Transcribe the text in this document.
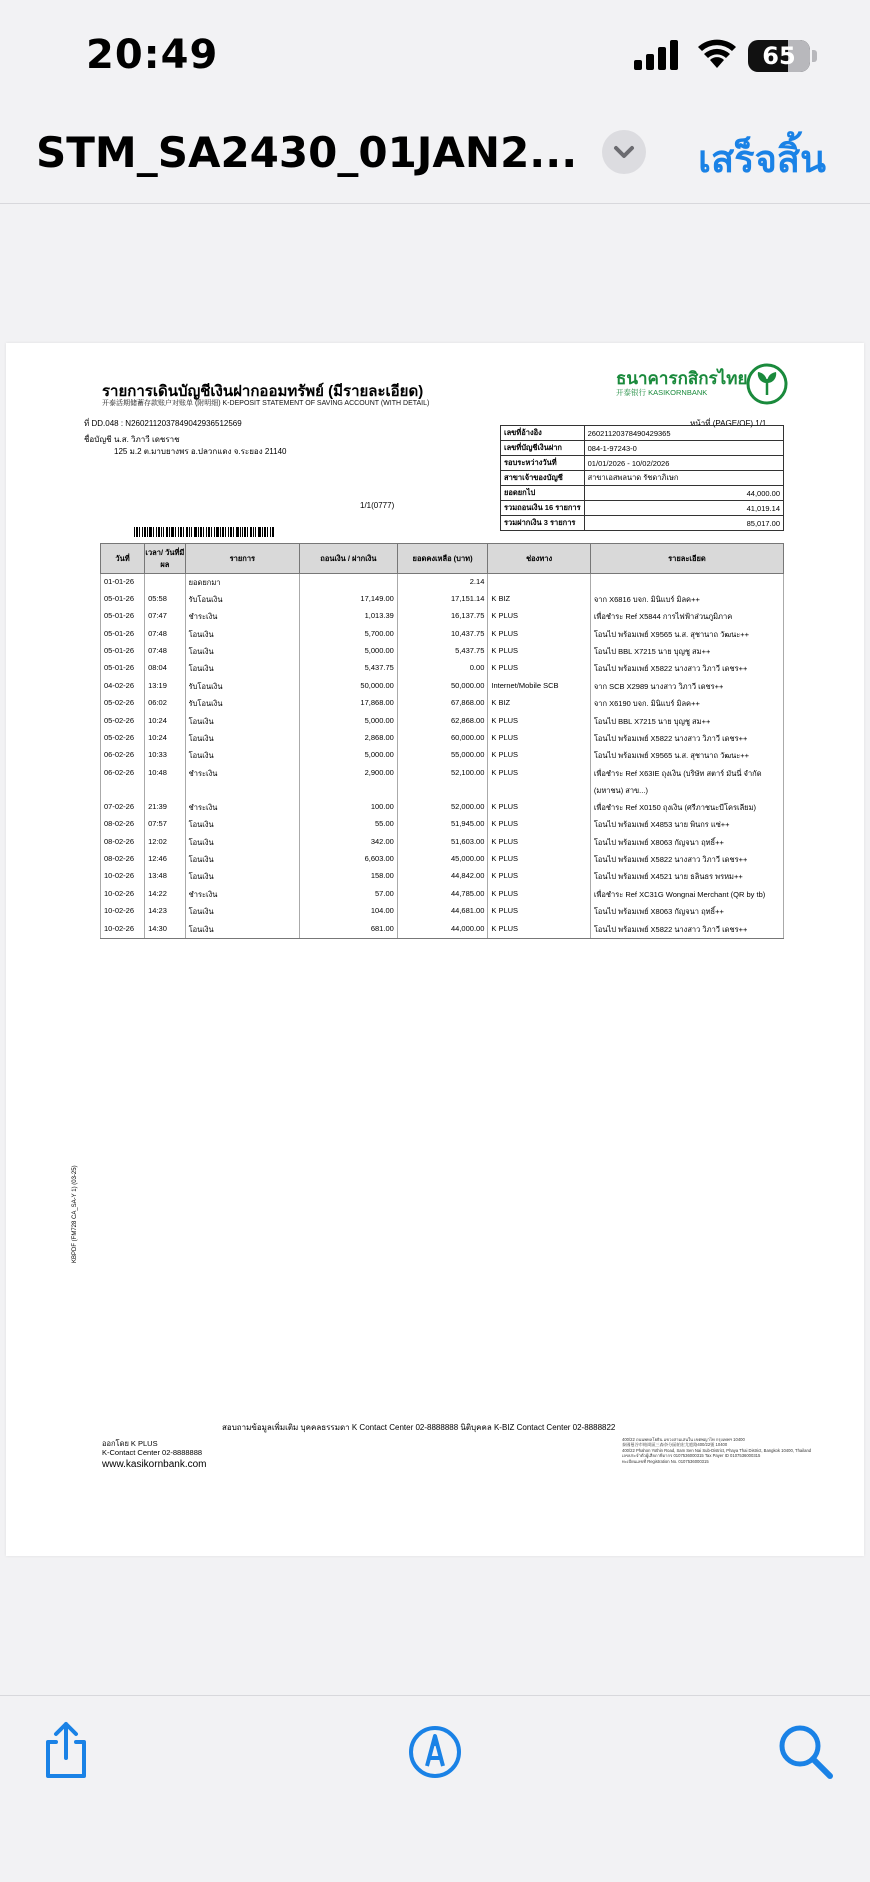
20:49	65
STM_SA2430_01JAN2...	เสร็จสิ้น
รายการเดินบัญชีเงินฝากออมทรัพย์ (มีรายละเอียด)
开泰活期储蓄存款账户对账单 (附明细) K-DEPOSIT STATEMENT OF SAVING ACCOUNT (WITH DETAIL)
ธนาคารกสิกรไทย
开泰银行 KASIKORNBANK
หน้าที่ (PAGE/OF) 1/1
ที่ DD.048 : N2602112037849042936512569
ชื่อบัญชี น.ส. วิภาวี เดชราช
125 ม.2 ต.มาบยางพร อ.ปลวกแดง จ.ระยอง 21140
1/1(0777)
เลขที่อ้างอิง	26021120378490429365
เลขที่บัญชีเงินฝาก	084-1-97243-0
รอบระหว่างวันที่	01/01/2026 - 10/02/2026
สาขาเจ้าของบัญชี	สาขาเอสพลนาด รัชดาภิเษก
ยอดยกไป	44,000.00
รวมถอนเงิน 16 รายการ	41,019.14
รวมฝากเงิน 3 รายการ	85,017.00
วันที่	เวลา/ วันที่มีผล	รายการ	ถอนเงิน / ฝากเงิน	ยอดคงเหลือ (บาท)	ช่องทาง	รายละเอียด
01-01-26		ยอดยกมา		2.14		
05-01-26	05:58	รับโอนเงิน	17,149.00	17,151.14	K BIZ	จาก X6816 บจก. มินิแบร์ มิลค++
05-01-26	07:47	ชำระเงิน	1,013.39	16,137.75	K PLUS	เพื่อชำระ Ref X5844 การไฟฟ้าส่วนภูมิภาค
05-01-26	07:48	โอนเงิน	5,700.00	10,437.75	K PLUS	โอนไป พร้อมเพย์ X9565 น.ส. สุชานาถ วัฒนะ++
05-01-26	07:48	โอนเงิน	5,000.00	5,437.75	K PLUS	โอนไป BBL X7215 นาย บุญชู สม++
05-01-26	08:04	โอนเงิน	5,437.75	0.00	K PLUS	โอนไป พร้อมเพย์ X5822 นางสาว วิภาวี เดชร++
04-02-26	13:19	รับโอนเงิน	50,000.00	50,000.00	Internet/Mobile SCB	จาก SCB X2989 นางสาว วิภาวี เดชร++
05-02-26	06:02	รับโอนเงิน	17,868.00	67,868.00	K BIZ	จาก X6190 บจก. มินิแบร์ มิลค++
05-02-26	10:24	โอนเงิน	5,000.00	62,868.00	K PLUS	โอนไป BBL X7215 นาย บุญชู สม++
05-02-26	10:24	โอนเงิน	2,868.00	60,000.00	K PLUS	โอนไป พร้อมเพย์ X5822 นางสาว วิภาวี เดชร++
06-02-26	10:33	โอนเงิน	5,000.00	55,000.00	K PLUS	โอนไป พร้อมเพย์ X9565 น.ส. สุชานาถ วัฒนะ++
06-02-26	10:48	ชำระเงิน	2,900.00	52,100.00	K PLUS	เพื่อชำระ Ref X63IE ถุงเงิน (บริษัท สตาร์ มันนี่ จำกัด (มหาชน) สาข...)
07-02-26	21:39	ชำระเงิน	100.00	52,000.00	K PLUS	เพื่อชำระ Ref X0150 ถุงเงิน (ศรีภาชนะบีโครเลียม)
08-02-26	07:57	โอนเงิน	55.00	51,945.00	K PLUS	โอนไป พร้อมเพย์ X4853 นาย พินกร แซ่++
08-02-26	12:02	โอนเงิน	342.00	51,603.00	K PLUS	โอนไป พร้อมเพย์ X8063 กัญจนา ฤทธิ์++
08-02-26	12:46	โอนเงิน	6,603.00	45,000.00	K PLUS	โอนไป พร้อมเพย์ X5822 นางสาว วิภาวี เดชร++
10-02-26	13:48	โอนเงิน	158.00	44,842.00	K PLUS	โอนไป พร้อมเพย์ X4521 นาย ธลินธร พรหม++
10-02-26	14:22	ชำระเงิน	57.00	44,785.00	K PLUS	เพื่อชำระ Ref XC31G Wongnai Merchant (QR by tb)
10-02-26	14:23	โอนเงิน	104.00	44,681.00	K PLUS	โอนไป พร้อมเพย์ X8063 กัญจนา ฤทธิ์++
10-02-26	14:30	โอนเงิน	681.00	44,000.00	K PLUS	โอนไป พร้อมเพย์ X5822 นางสาว วิภาวี เดชร++
KBPDF (FM728 CA_SA-Y 1) (03-25)
สอบถามข้อมูลเพิ่มเติม บุคคลธรรมดา K Contact Center 02-8888888 นิติบุคคล K-BIZ Contact Center 02-8888822
ออกโดย K PLUS
K-Contact Center 02-8888888
www.kasikornbank.com
400/22 ถนนพหลโยธิน แขวงสามเสนใน เขตพญาไท กรุงเทพฯ 10400
泰國曼谷市帕崗區三森奈分區帕宏尤庭路400/22號 10400
400/22 Phahon Yothin Road, Sam Sen Nai Sub-District, Phaya Thai District, Bangkok 10400, Thailand
เลขประจำตัวผู้เสียภาษีอากร 0107536000315 Tax Payer ID 0107536000315
ทะเบียนเลขที่ Registration No. 0107536000315
